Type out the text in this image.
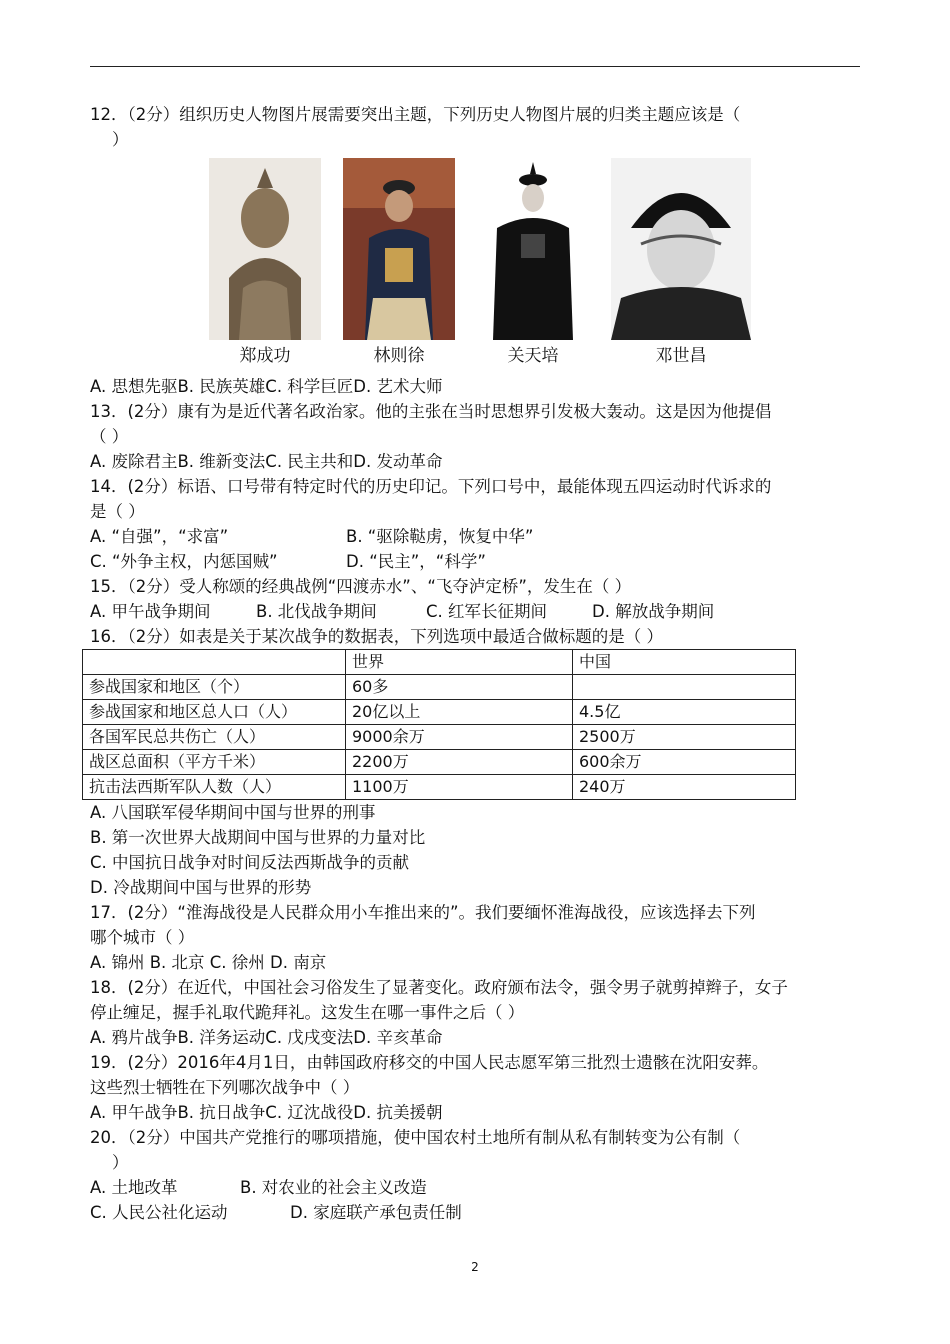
12．（2分）组织历史人物图片展需要突出主题，下列历史人物图片展的归类主题应该是（

）

郑成功	林则徐	关天培	邓世昌

A. 思想先驱B. 民族英雄C. 科学巨匠D. 艺术大师

13．(2分）康有为是近代著名政治家。他的主张在当时思想界引发极大轰动。这是因为他提倡

（ ）

A. 废除君主B. 维新变法C. 民主共和D. 发动革命

14．(2分）标语、口号带有特定时代的历史印记。下列口号中，最能体现五四运动时代诉求的

是（ ）

A. “自强”，“求富”	B. “驱除鞑虏，恢复中华”

C. “外争主权，内惩国贼”	D. “民主”，“科学”

15．（2分）受人称颂的经典战例“四渡赤水”、“飞夺泸定桥”，发生在（ ）

A. 甲午战争期间	B. 北伐战争期间	C. 红军长征期间	D. 解放战争期间

16．（2分）如表是关于某次战争的数据表，下列选项中最适合做标题的是（ ）

	世界	中国
参战国家和地区（个）	60多	
参战国家和地区总人口（人）	20亿以上	4.5亿
各国军民总共伤亡（人）	9000余万	2500万
战区总面积（平方千米）	2200万	600余万
抗击法西斯军队人数（人）	1100万	240万

A. 八国联军侵华期间中国与世界的刑事

B. 第一次世界大战期间中国与世界的力量对比

C. 中国抗日战争对时间反法西斯战争的贡献

D. 冷战期间中国与世界的形势

17．(2分）“淮海战役是人民群众用小车推出来的”。我们要缅怀淮海战役，应该选择去下列

哪个城市（ ）

A. 锦州 B. 北京 C. 徐州 D. 南京

18．(2分）在近代，中国社会习俗发生了显著变化。政府颁布法令，强令男子就剪掉辫子，女子

停止缠足，握手礼取代跪拜礼。这发生在哪一事件之后（ ）

A. 鸦片战争B. 洋务运动C. 戊戌变法D. 辛亥革命

19．(2分）2016年4月1日，由韩国政府移交的中国人民志愿军第三批烈士遗骸在沈阳安葬。

这些烈士牺牲在下列哪次战争中（ ）

A. 甲午战争B. 抗日战争C. 辽沈战役D. 抗美援朝

20．（2分）中国共产党推行的哪项措施，使中国农村土地所有制从私有制转变为公有制（

）

A. 土地改革	B. 对农业的社会主义改造

C. 人民公社化运动	D. 家庭联产承包责任制

2
